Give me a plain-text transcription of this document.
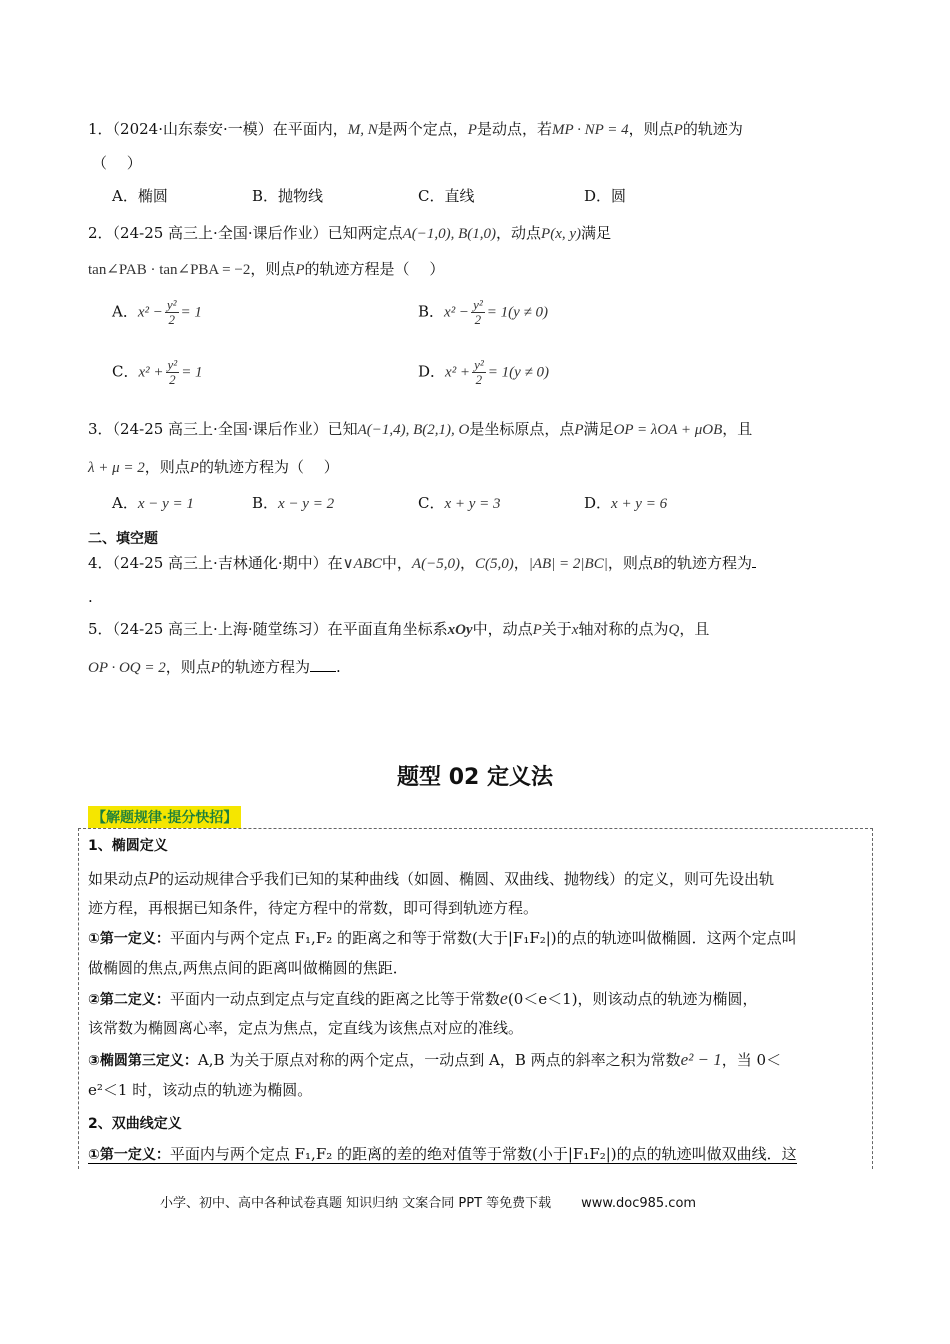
1．（2024·山东泰安·一模）在平面内，M, N是两个定点，P是动点，若MP · NP = 4，则点P的轨迹为
（　 ）
A．椭圆	B．抛物线	C．直线	D．圆
2．（24-25 高三上·全国·课后作业）已知两定点A(−1,0), B(1,0)，动点P(x, y)满足
tan∠PAB · tan∠PBA = −2，则点P的轨迹方程是（　 ）
A．$x^2 - \frac{\text{y²}}{2} = 1$	B．$x^2 - \frac{\text{y²}}{2} = 1(y \ne 0)$
C．$x^2 + \frac{\text{y²}}{2} = 1$	D．$x^2 + \frac{\text{y²}}{2} = 1(y \ne 0)$
3．（24-25 高三上·全国·课后作业）已知A(−1,4), B(2,1), O是坐标原点，点P满足OP = λOA + μOB，且
λ + μ = 2，则点P的轨迹方程为（　 ）
A．x − y = 1	B．x − y = 2	C．x + y = 3	D．x + y = 6
二、填空题
4．（24-25 高三上·吉林通化·期中）在∨ABC中，A(−5,0)，C(5,0)，|AB| = 2|BC|，则点B的轨迹方程为
.
5．（24-25 高三上·上海·随堂练习）在平面直角坐标系xOy中，动点P关于x轴对称的点为Q，且
OP · OQ = 2，则点P的轨迹方程为 .
题型 02 定义法
【解题规律·提分快招】
1、椭圆定义
如果动点P的运动规律合乎我们已知的某种曲线（如圆、椭圆、双曲线、抛物线）的定义，则可先设出轨
迹方程，再根据已知条件，待定方程中的常数，即可得到轨迹方程。
①第一定义：平面内与两个定点 F₁,F₂ 的距离之和等于常数(大于|F₁F₂|)的点的轨迹叫做椭圆．这两个定点叫
做椭圆的焦点,两焦点间的距离叫做椭圆的焦距．
②第二定义：平面内一动点到定点与定直线的距离之比等于常数e(0＜e＜1)，则该动点的轨迹为椭圆，
该常数为椭圆离心率，定点为焦点，定直线为该焦点对应的准线。
③椭圆第三定义：A,B 为关于原点对称的两个定点，一动点到 A，B 两点的斜率之积为常数e² − 1，当 0＜
e²＜1 时，该动点的轨迹为椭圆。
2、双曲线定义
①第一定义：平面内与两个定点 F₁,F₂ 的距离的差的绝对值等于常数(小于|F₁F₂|)的点的轨迹叫做双曲线．这
小学、初中、高中各种试卷真题 知识归纳 文案合同 PPT 等免费下载 www.doc985.com
